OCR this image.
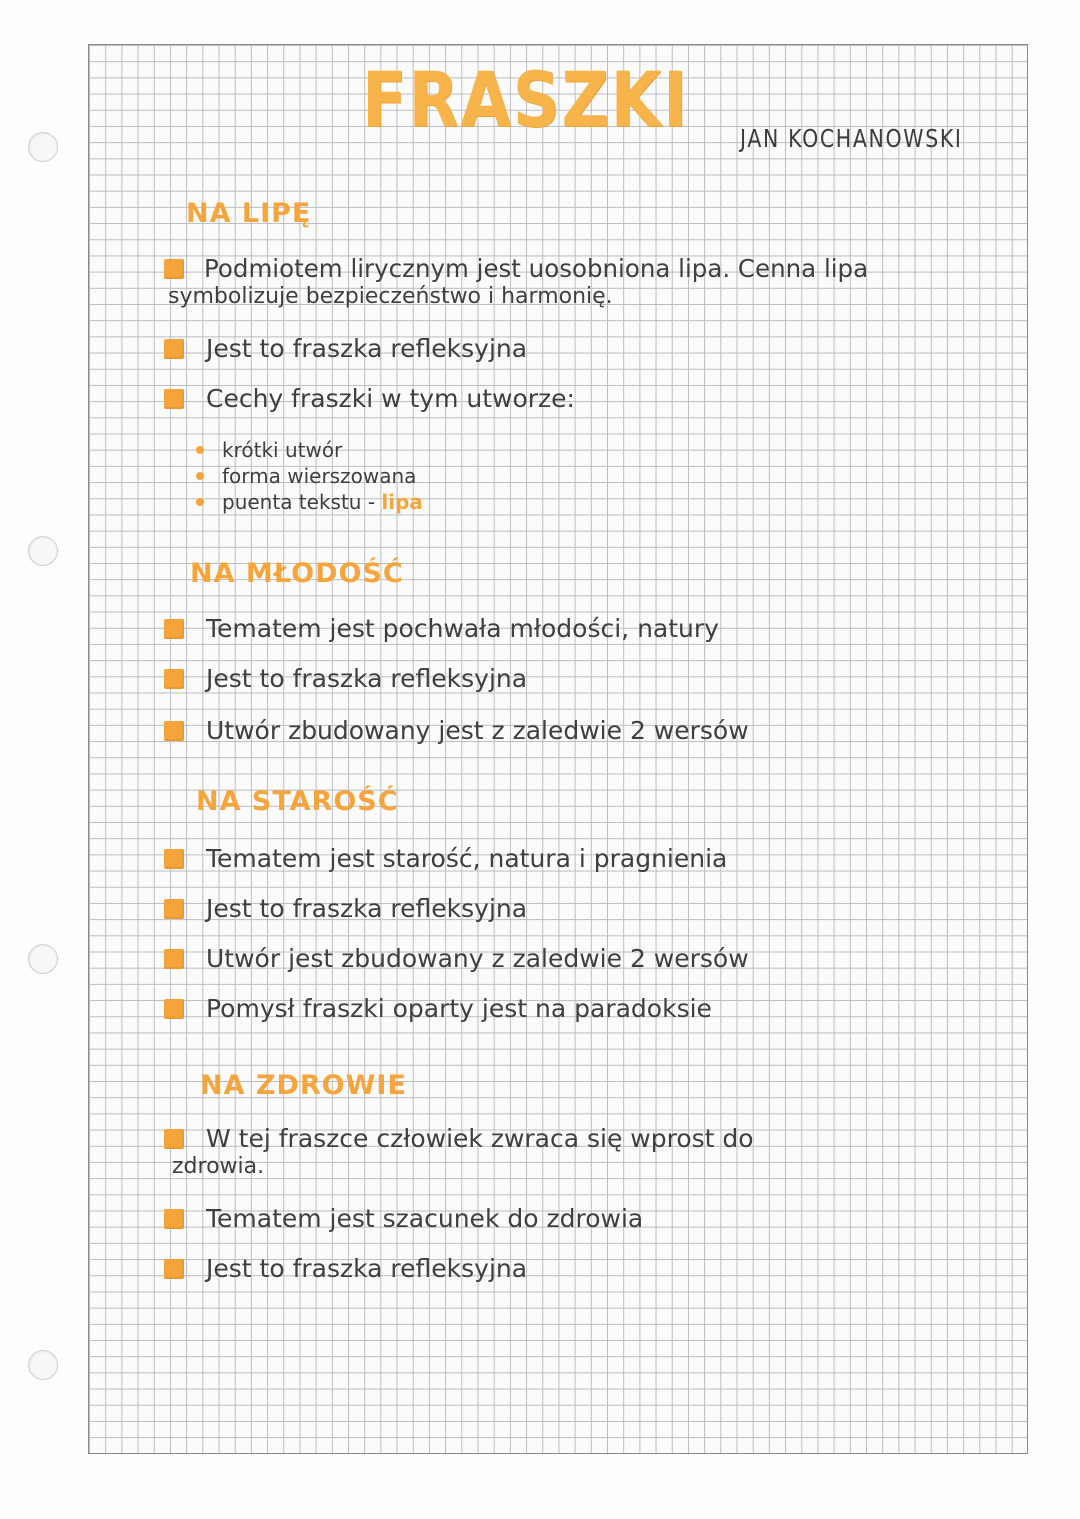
FRASZKI JAN KOCHANOWSKI
NA LIPĘ
Podmiotem lirycznym jest uosobniona lipa. Cenna lipa
symbolizuje bezpieczeństwo i harmonię.
Jest to fraszka refleksyjna
Cechy fraszki w tym utworze:
krótki utwór
forma wierszowana
puenta tekstu - lipa
NA MŁODOŚĆ
Tematem jest pochwała młodości, natury
Jest to fraszka refleksyjna
Utwór zbudowany jest z zaledwie 2 wersów
NA STAROŚĆ
Tematem jest starość, natura i pragnienia
Jest to fraszka refleksyjna
Utwór jest zbudowany z zaledwie 2 wersów
Pomysł fraszki oparty jest na paradoksie
NA ZDROWIE
W tej fraszce człowiek zwraca się wprost do
zdrowia.
Tematem jest szacunek do zdrowia
Jest to fraszka refleksyjna
